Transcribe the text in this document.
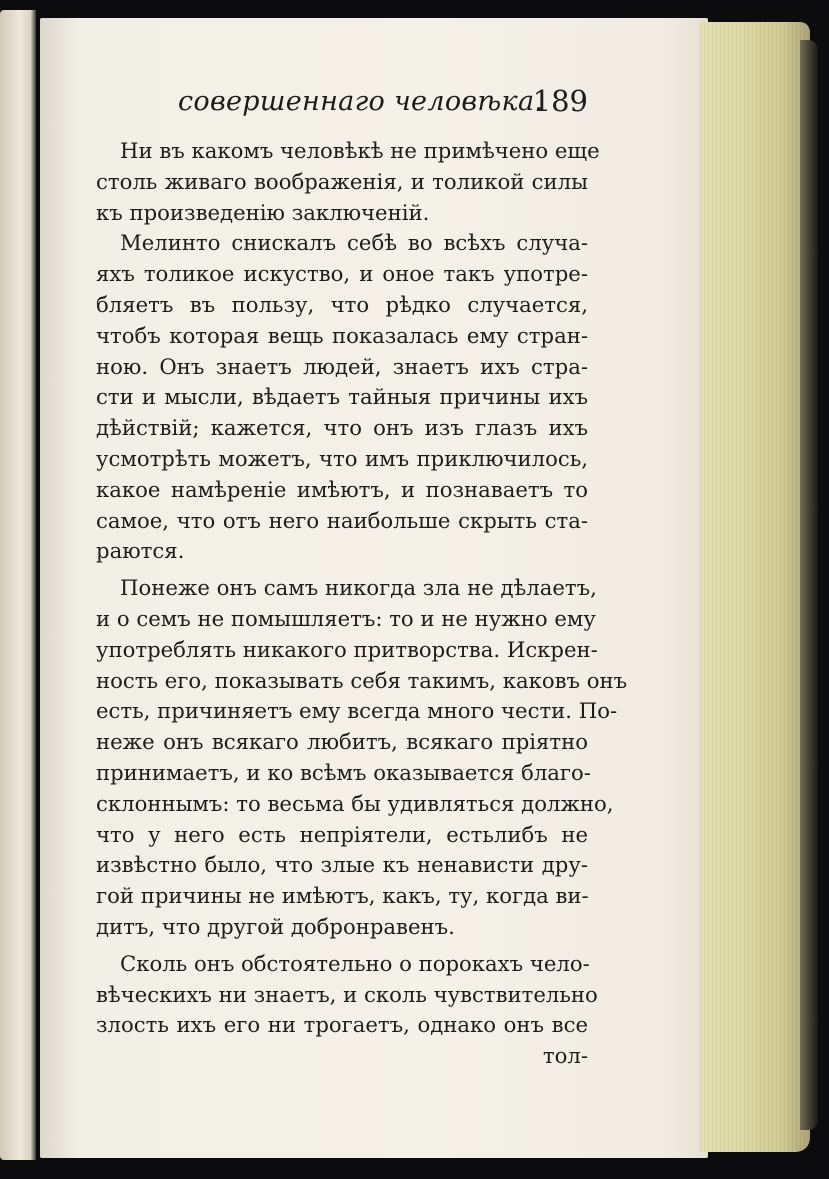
совершеннаго человѣка.
189
Ни въ какомъ человѣкѣ не примѣчено еще
столь живаго воображенія, и толикой силы
къ произведенію заключеній.
Мелинто снискалъ себѣ во всѣхъ случа-
яхъ толикое искуство, и оное такъ употре-
бляетъ въ пользу, что рѣдко случается,
чтобъ которая вещь показалась ему стран-
ною. Онъ знаетъ людей, знаетъ ихъ стра-
сти и мысли, вѣдаетъ тайныя причины ихъ
дѣйствій; кажется, что онъ изъ глазъ ихъ
усмотрѣть можетъ, что имъ приключилось,
какое намѣреніе имѣютъ, и познаваетъ то
самое, что отъ него наибольше скрыть ста-
раются.
Понеже онъ самъ никогда зла не дѣлаетъ,
и о семъ не помышляетъ: то и не нужно ему
употреблять никакого притворства. Искрен-
ность его, показывать себя такимъ, каковъ онъ
есть, причиняетъ ему всегда много чести. По-
неже онъ всякаго любитъ, всякаго пріятно
принимаетъ, и ко всѣмъ оказывается благо-
склоннымъ: то весьма бы удивляться должно,
что у него есть непріятели, естьлибъ не
извѣстно было, что злые къ ненависти дру-
гой причины не имѣютъ, какъ, ту, когда ви-
дитъ, что другой добронравенъ.
Сколь онъ обстоятельно о порокахъ чело-
вѣческихъ ни знаетъ, и сколь чувствительно
злость ихъ его ни трогаетъ, однако онъ все
тол-
